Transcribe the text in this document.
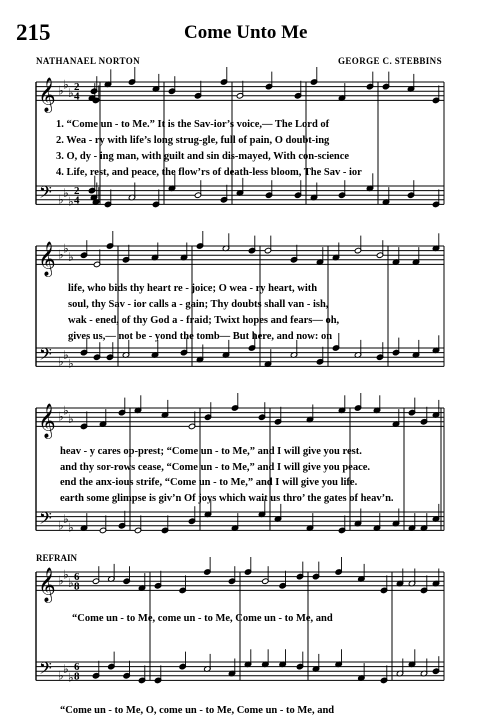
215	Come Unto Me
NATHANAEL NORTON	GEORGE C. STEBBINS
𝄞
𝄢
♭ ♭
♭
♭ ♭
♭
2
4
2
4
𝄞
𝄢
♭ ♭
♭
♭ ♭
♭
𝄞
𝄢
♭ ♭
♭
♭ ♭
♭
𝄞
𝄢
♭ ♭
♭
♭ ♭
♭
6
8
6
8
1. “Come un - to Me.” It is the Sav-ior’s voice,— The Lord of
2. Wea - ry with life’s long strug-gle, full of pain, O doubt-ing
3. O, dy - ing man, with guilt and sin dis-mayed, With con-science
4. Life, rest, and peace, the flow’rs of death-less bloom, The Sav - ior
life, who bids thy heart re - joice; O wea - ry heart, with
soul, thy Sav - ior calls a - gain; Thy doubts shall van - ish,
wak - ened, of thy God a - fraid; Twixt hopes and fears— oh,
gives us,— not be - yond the tomb— But here, and now: on
heav - y cares op-prest; “Come un - to Me,” and I will give you rest.
and thy sor-rows cease, “Come un - to Me,” and I will give you peace.
end the anx-ious strife, “Come un - to Me,” and I will give you life.
earth some glimpse is giv’n Of joys which wait us thro’ the gates of heav’n.
REFRAIN
“Come un - to Me, come un - to Me, Come un - to Me, and
“Come un - to Me, O, come un - to Me, Come un - to Me, and
